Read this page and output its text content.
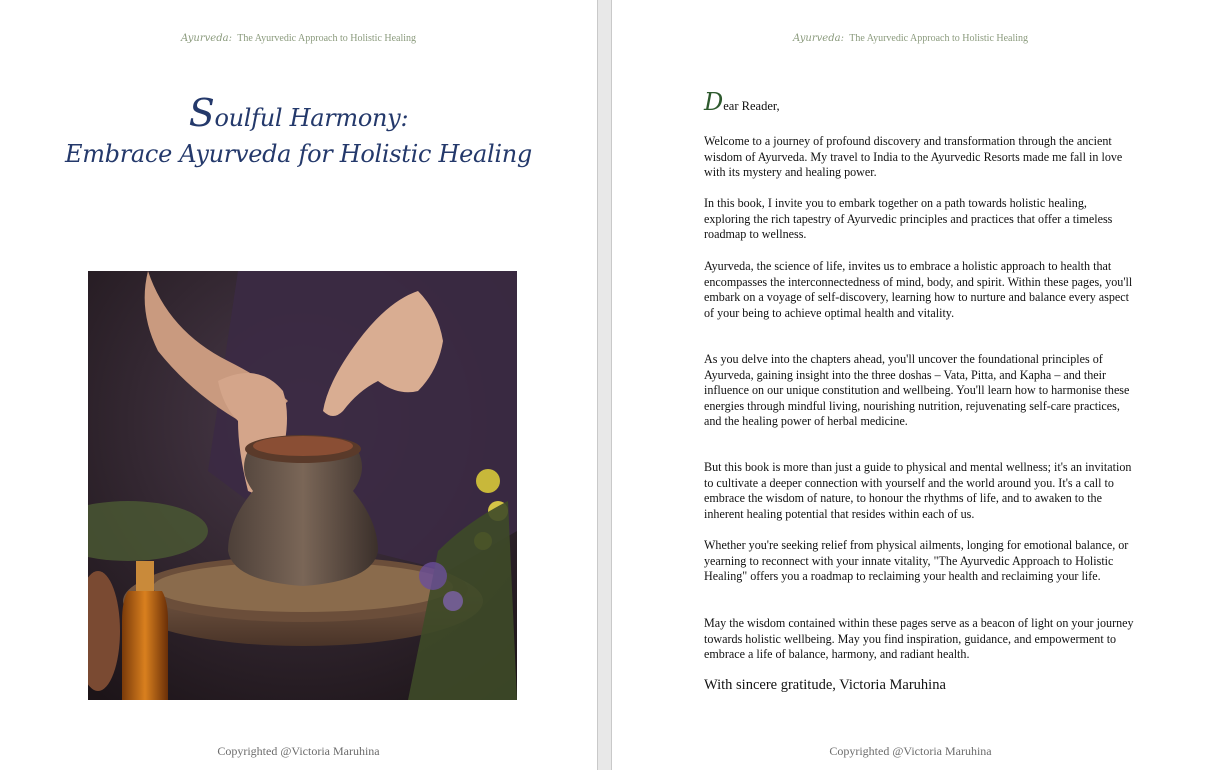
Ayurveda: The Ayurvedic Approach to Holistic Healing
Soulful Harmony:
Embrace Ayurveda for Holistic Healing
Copyrighted @Victoria Maruhina
Ayurveda: The Ayurvedic Approach to Holistic Healing
Dear Reader,

Welcome to a journey of profound discovery and transformation through the ancient wisdom of Ayurveda. My travel to India to the Ayurvedic Resorts made me fall in love with its mystery and healing power.

In this book, I invite you to embark together on a path towards holistic healing, exploring the rich tapestry of Ayurvedic principles and practices that offer a timeless roadmap to wellness.

Ayurveda, the science of life, invites us to embrace a holistic approach to health that encompasses the interconnectedness of mind, body, and spirit. Within these pages, you'll embark on a voyage of self-discovery, learning how to nurture and balance every aspect of your being to achieve optimal health and vitality.

As you delve into the chapters ahead, you'll uncover the foundational principles of Ayurveda, gaining insight into the three doshas – Vata, Pitta, and Kapha – and their influence on our unique constitution and wellbeing. You'll learn how to harmonise these energies through mindful living, nourishing nutrition, rejuvenating self-care practices, and the healing power of herbal medicine.

But this book is more than just a guide to physical and mental wellness; it's an invitation to cultivate a deeper connection with yourself and the world around you. It's a call to embrace the wisdom of nature, to honour the rhythms of life, and to awaken to the inherent healing potential that resides within each of us.

Whether you're seeking relief from physical ailments, longing for emotional balance, or yearning to reconnect with your innate vitality, "The Ayurvedic Approach to Holistic Healing" offers you a roadmap to reclaiming your health and reclaiming your life.

May the wisdom contained within these pages serve as a beacon of light on your journey towards holistic wellbeing. May you find inspiration, guidance, and empowerment to embrace a life of balance, harmony, and radiant health.

With sincere gratitude, Victoria Maruhina
Copyrighted @Victoria Maruhina
